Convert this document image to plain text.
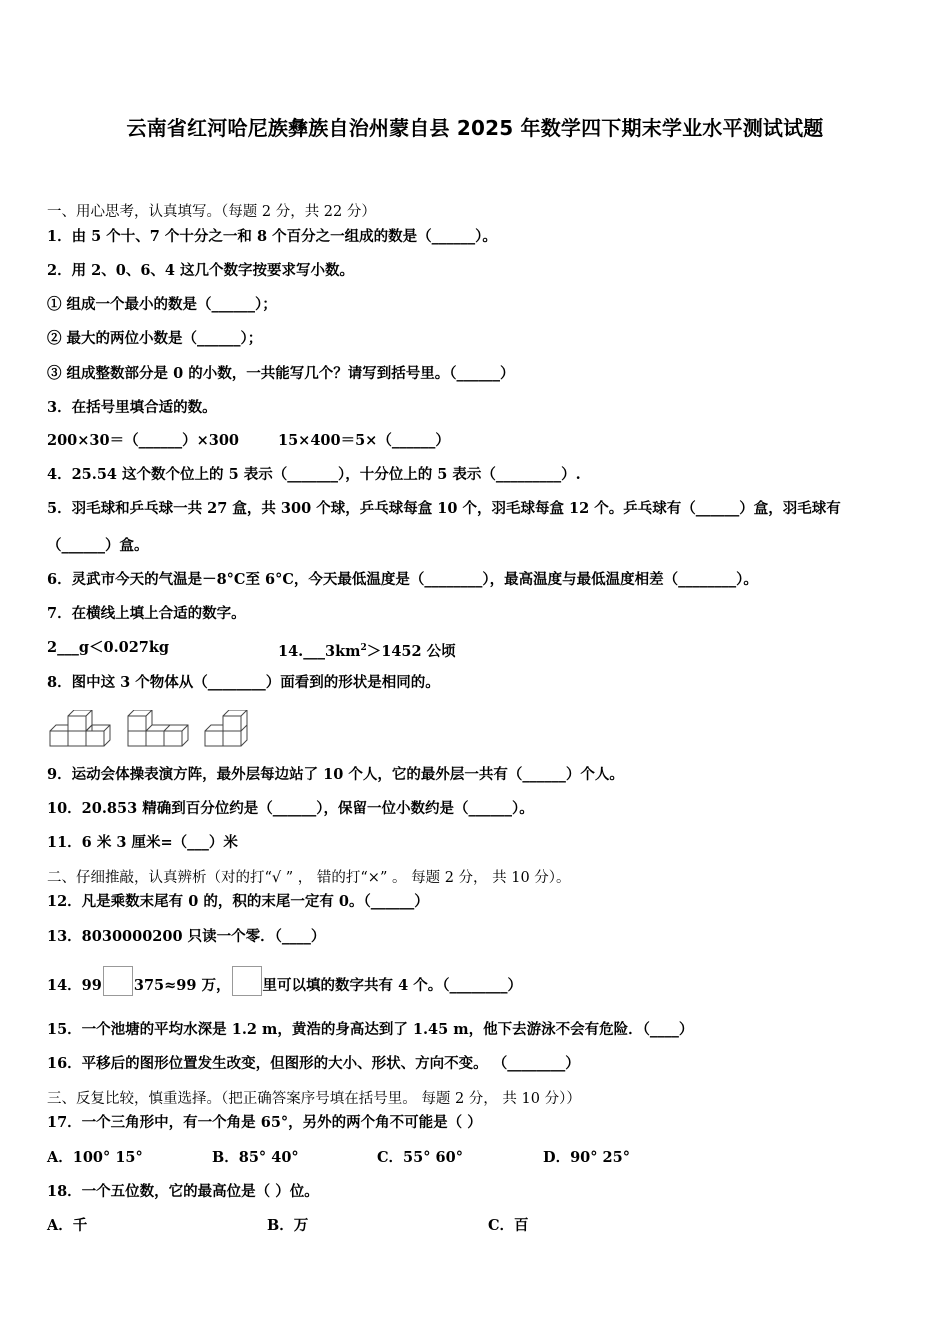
云南省红河哈尼族彝族自治州蒙自县 2025 年数学四下期末学业水平测试试题
一、用心思考，认真填写。（每题 2 分，共 22 分）
1．由 5 个十、7 个十分之一和 8 个百分之一组成的数是（______）。
2．用 2、0、6、4 这几个数字按要求写小数。
① 组成一个最小的数是（______）；
② 最大的两位小数是（______）；
③ 组成整数部分是 0 的小数，一共能写几个？请写到括号里。（______）
3．在括号里填合适的数。
200×30＝（______）×300	15×400＝5×（______）
4．25.54 这个数个位上的 5 表示（_______），十分位上的 5 表示（_________）.
5．羽毛球和乒乓球一共 27 盒，共 300 个球，乒乓球每盒 10 个，羽毛球每盒 12 个。乒乓球有（______）盒，羽毛球有
（______）盒。
6．灵武市今天的气温是－8°C至 6°C，今天最低温度是（________），最高温度与最低温度相差（________）。
7．在横线上填上合适的数字。
2___g＜0.027kg	$14.\_\_\_3km^2>1452$ 公顷
8．图中这 3 个物体从（________）面看到的形状是相同的。
9．运动会体操表演方阵，最外层每边站了 10 个人，它的最外层一共有（______）个人。
10．20.853 精确到百分位约是（______），保留一位小数约是（______）。
11．6 米 3 厘米=（___）米
二、仔细推敲，认真辨析（对的打“√ ” ， 错的打“×” 。 每题 2 分， 共 10 分）。
12．凡是乘数末尾有 0 的，积的末尾一定有 0。（______）
13．8030000200 只读一个零．（____）
14．99 375≈99 万， 里可以填的数字共有 4 个。（________）
15．一个池塘的平均水深是 1.2 m，黄浩的身高达到了 1.45 m，他下去游泳不会有危险．（____）
16．平移后的图形位置发生改变，但图形的大小、形状、方向不变。 （________）
三、反复比较，慎重选择。（把正确答案序号填在括号里。 每题 2 分， 共 10 分））
17．一个三角形中，有一个角是 65°，另外的两个角不可能是（ ）
A．100° 15°	B．85° 40°	C．55° 60°	D．90° 25°
18．一个五位数，它的最高位是（ ）位。
A．千	B．万	C．百
